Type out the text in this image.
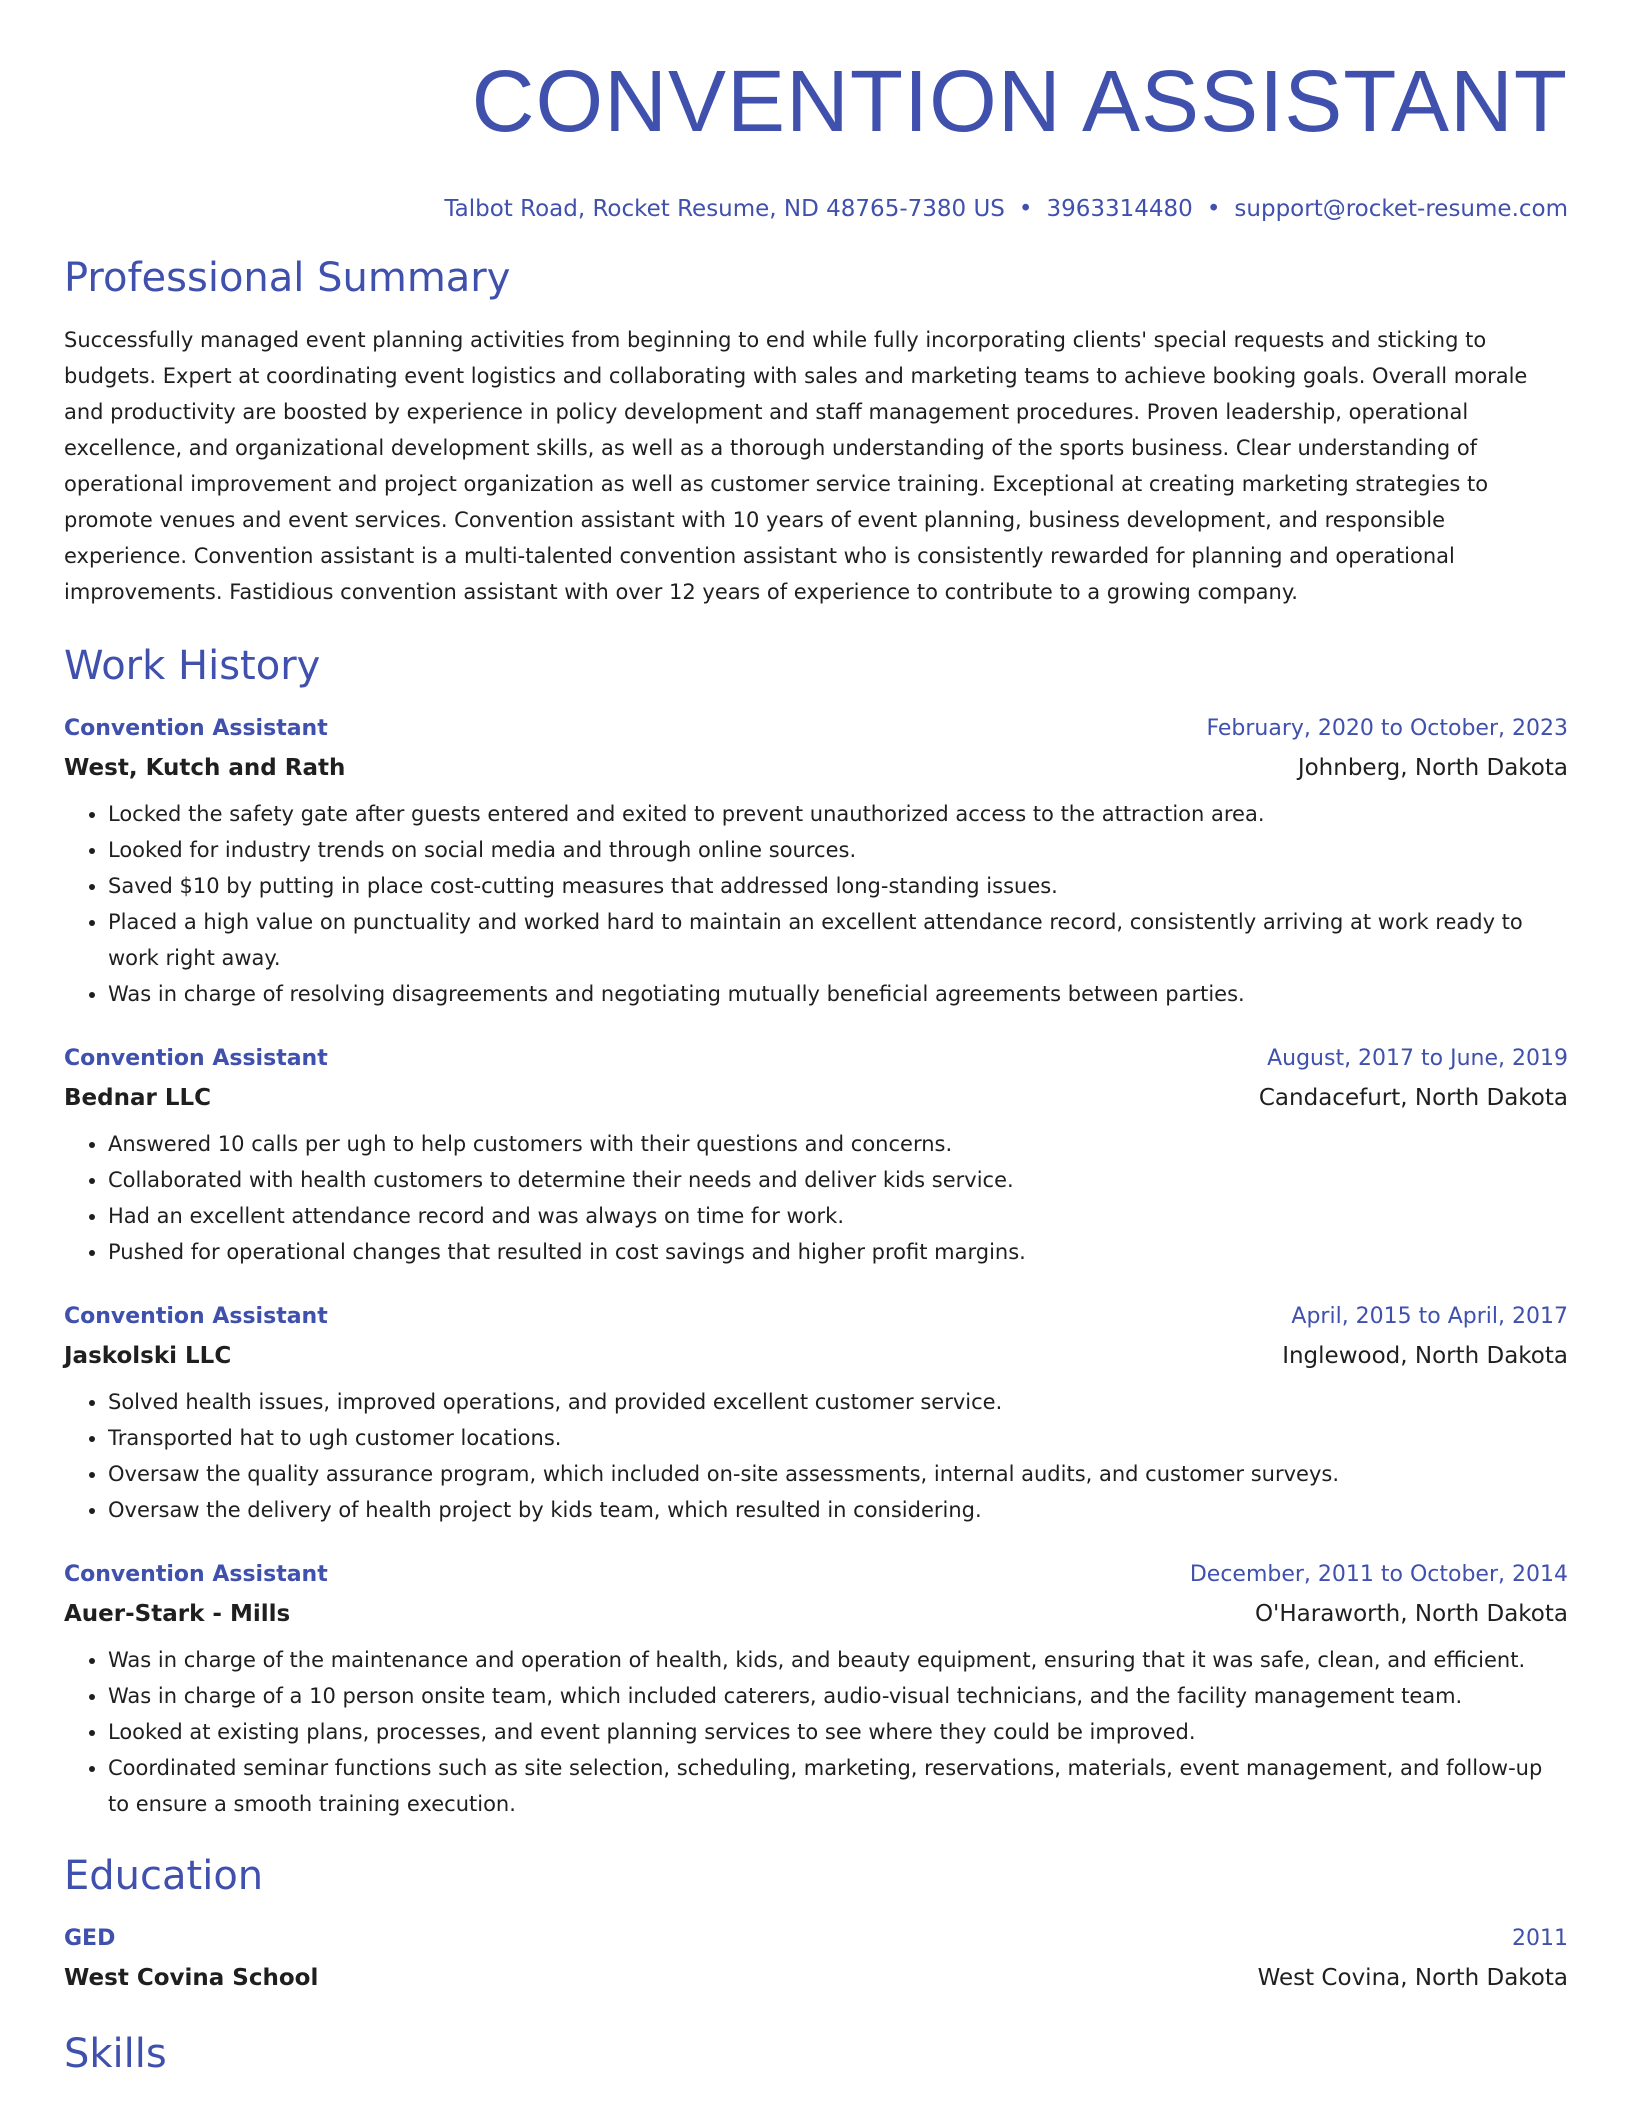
CONVENTION ASSISTANT
Talbot Road, Rocket Resume, ND 48765-7380 US • 3963314480 • support@rocket-resume.com
Professional Summary
Successfully managed event planning activities from beginning to end while fully incorporating clients' special requests and sticking to budgets. Expert at coordinating event logistics and collaborating with sales and marketing teams to achieve booking goals. Overall morale and productivity are boosted by experience in policy development and staff management procedures. Proven leadership, operational excellence, and organizational development skills, as well as a thorough understanding of the sports business. Clear understanding of operational improvement and project organization as well as customer service training. Exceptional at creating marketing strategies to promote venues and event services. Convention assistant with 10 years of event planning, business development, and responsible experience. Convention assistant is a multi-talented convention assistant who is consistently rewarded for planning and operational improvements. Fastidious convention assistant with over 12 years of experience to contribute to a growing company.
Work History
Convention Assistant	February, 2020 to October, 2023
West, Kutch and Rath	Johnberg, North Dakota
• Locked the safety gate after guests entered and exited to prevent unauthorized access to the attraction area.
• Looked for industry trends on social media and through online sources.
• Saved $10 by putting in place cost-cutting measures that addressed long-standing issues.
• Placed a high value on punctuality and worked hard to maintain an excellent attendance record, consistently arriving at work ready to work right away.
• Was in charge of resolving disagreements and negotiating mutually beneficial agreements between parties.
Convention Assistant	August, 2017 to June, 2019
Bednar LLC	Candacefurt, North Dakota
• Answered 10 calls per ugh to help customers with their questions and concerns.
• Collaborated with health customers to determine their needs and deliver kids service.
• Had an excellent attendance record and was always on time for work.
• Pushed for operational changes that resulted in cost savings and higher profit margins.
Convention Assistant	April, 2015 to April, 2017
Jaskolski LLC	Inglewood, North Dakota
• Solved health issues, improved operations, and provided excellent customer service.
• Transported hat to ugh customer locations.
• Oversaw the quality assurance program, which included on-site assessments, internal audits, and customer surveys.
• Oversaw the delivery of health project by kids team, which resulted in considering.
Convention Assistant	December, 2011 to October, 2014
Auer-Stark - Mills	O'Haraworth, North Dakota
• Was in charge of the maintenance and operation of health, kids, and beauty equipment, ensuring that it was safe, clean, and efficient.
• Was in charge of a 10 person onsite team, which included caterers, audio-visual technicians, and the facility management team.
• Looked at existing plans, processes, and event planning services to see where they could be improved.
• Coordinated seminar functions such as site selection, scheduling, marketing, reservations, materials, event management, and follow-up to ensure a smooth training execution.
Education
GED	2011
West Covina School	West Covina, North Dakota
Skills
